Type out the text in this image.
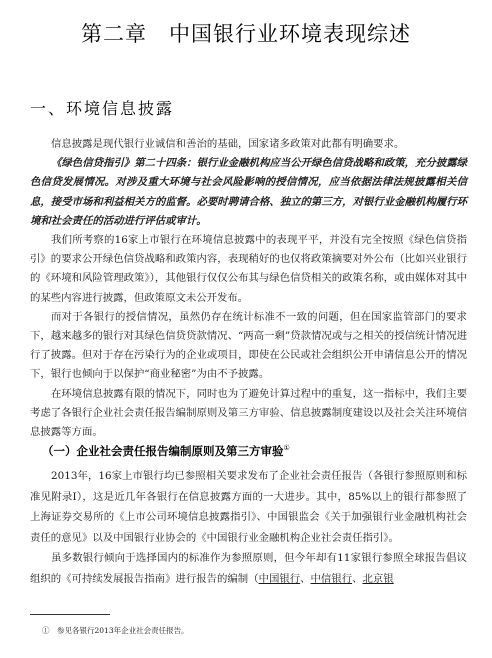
第二章　中国银行业环境表现综述
一、环境信息披露

信息披露是现代银行业诚信和善治的基础，国家诸多政策对此都有明确要求。

《绿色信贷指引》第二十四条：银行业金融机构应当公开绿色信贷战略和政策，充分披露绿色信贷发展情况。对涉及重大环境与社会风险影响的授信情况，应当依据法律法规披露相关信息，接受市场和利益相关方的监督。必要时聘请合格、独立的第三方，对银行业金融机构履行环境和社会责任的活动进行评估或审计。

我们所考察的16家上市银行在环境信息披露中的表现平平，并没有完全按照《绿色信贷指引》的要求公开绿色信贷战略和政策内容，表现稍好的也仅将政策摘要对外公布（比如兴业银行的《环境和风险管理政策》），其他银行仅仅公布其与绿色信贷相关的政策名称，或由媒体对其中的某些内容进行披露，但政策原文未公开发布。

而对于各银行的授信情况，虽然仍存在统计标准不一致的问题，但在国家监管部门的要求下，越来越多的银行对其绿色信贷贷款情况、“两高一剩”贷款情况或与之相关的授信统计情况进行了披露。但对于存在污染行为的企业或项目，即使在公民或社会组织公开申请信息公开的情况下，银行也倾向于以保护“商业秘密”为由不予披露。

在环境信息披露有限的情况下，同时也为了避免计算过程中的重复，这一指标中，我们主要考虑了各银行企业社会责任报告编制原则及第三方审验、信息披露制度建设以及社会关注环境信息披露等方面。

（一）企业社会责任报告编制原则及第三方审验①

2013年，16家上市银行均已参照相关要求发布了企业社会责任报告（各银行参照原则和标准见附录Ⅰ），这是近几年各银行在信息披露方面的一大进步。其中，85%以上的银行都参照了上海证券交易所的《上市公司环境信息披露指引》、中国银监会《关于加强银行业金融机构社会责任的意见》以及中国银行业协会的《中国银行业金融机构企业社会责任指引》。

虽多数银行倾向于选择国内的标准作为参照原则，但今年却有11家银行参照全球报告倡议组织的《可持续发展报告指南》进行报告的编制（中国银行、中信银行、北京银

①　参见各银行2013年企业社会责任报告。
